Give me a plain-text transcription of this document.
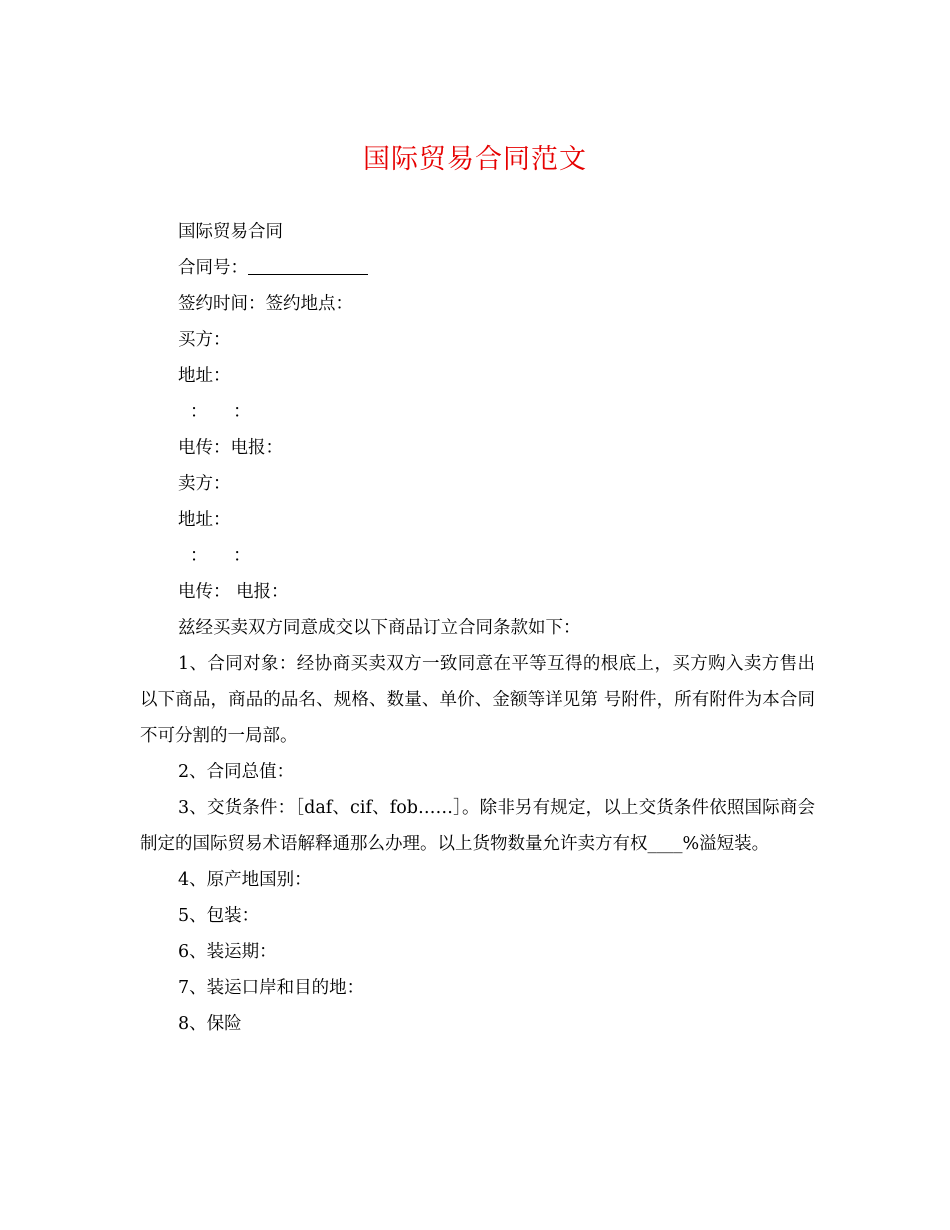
国际贸易合同范文
国际贸易合同
合同号：
签约时间：签约地点：
买方：
地址：
： ：
电传：电报：
卖方：
地址：
： ：
电传： 电报：
兹经买卖双方同意成交以下商品订立合同条款如下：
1、合同对象：经协商买卖双方一致同意在平等互得的根底上，买方购入卖方售出以下商品，商品的品名、规格、数量、单价、金额等详见第 号附件，所有附件为本合同不可分割的一局部。
2、合同总值：
3、交货条件：［daf、cif、fob……］。除非另有规定，以上交货条件依照国际商会制定的国际贸易术语解释通那么办理。以上货物数量允许卖方有权____%溢短装。
4、原产地国别：
5、包装：
6、装运期：
7、装运口岸和目的地：
8、保险
